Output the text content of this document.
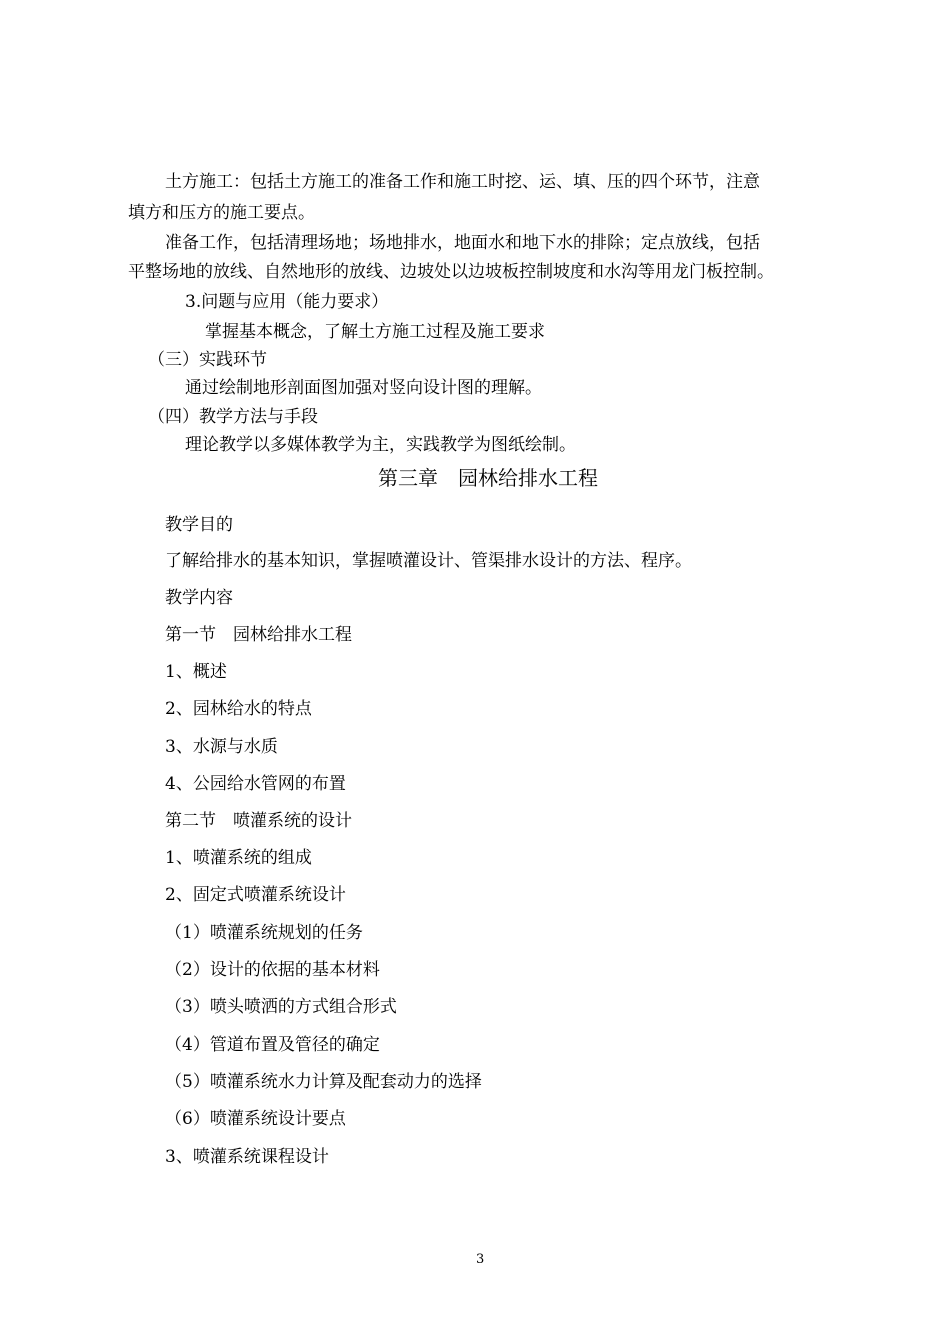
土方施工：包括土方施工的准备工作和施工时挖、运、填、压的四个环节，注意
填方和压方的施工要点。
准备工作，包括清理场地；场地排水，地面水和地下水的排除；定点放线，包括
平整场地的放线、自然地形的放线、边坡处以边坡板控制坡度和水沟等用龙门板控制。
3.问题与应用（能力要求）
掌握基本概念，了解土方施工过程及施工要求
（三）实践环节
通过绘制地形剖面图加强对竖向设计图的理解。
（四）教学方法与手段
理论教学以多媒体教学为主，实践教学为图纸绘制。
第三章　园林给排水工程
教学目的
了解给排水的基本知识，掌握喷灌设计、管渠排水设计的方法、程序。
教学内容
第一节　园林给排水工程
1、概述
2、园林给水的特点
3、水源与水质
4、公园给水管网的布置
第二节　喷灌系统的设计
1、喷灌系统的组成
2、固定式喷灌系统设计
（1）喷灌系统规划的任务
（2）设计的依据的基本材料
（3）喷头喷洒的方式组合形式
（4）管道布置及管径的确定
（5）喷灌系统水力计算及配套动力的选择
（6）喷灌系统设计要点
3、喷灌系统课程设计
3
